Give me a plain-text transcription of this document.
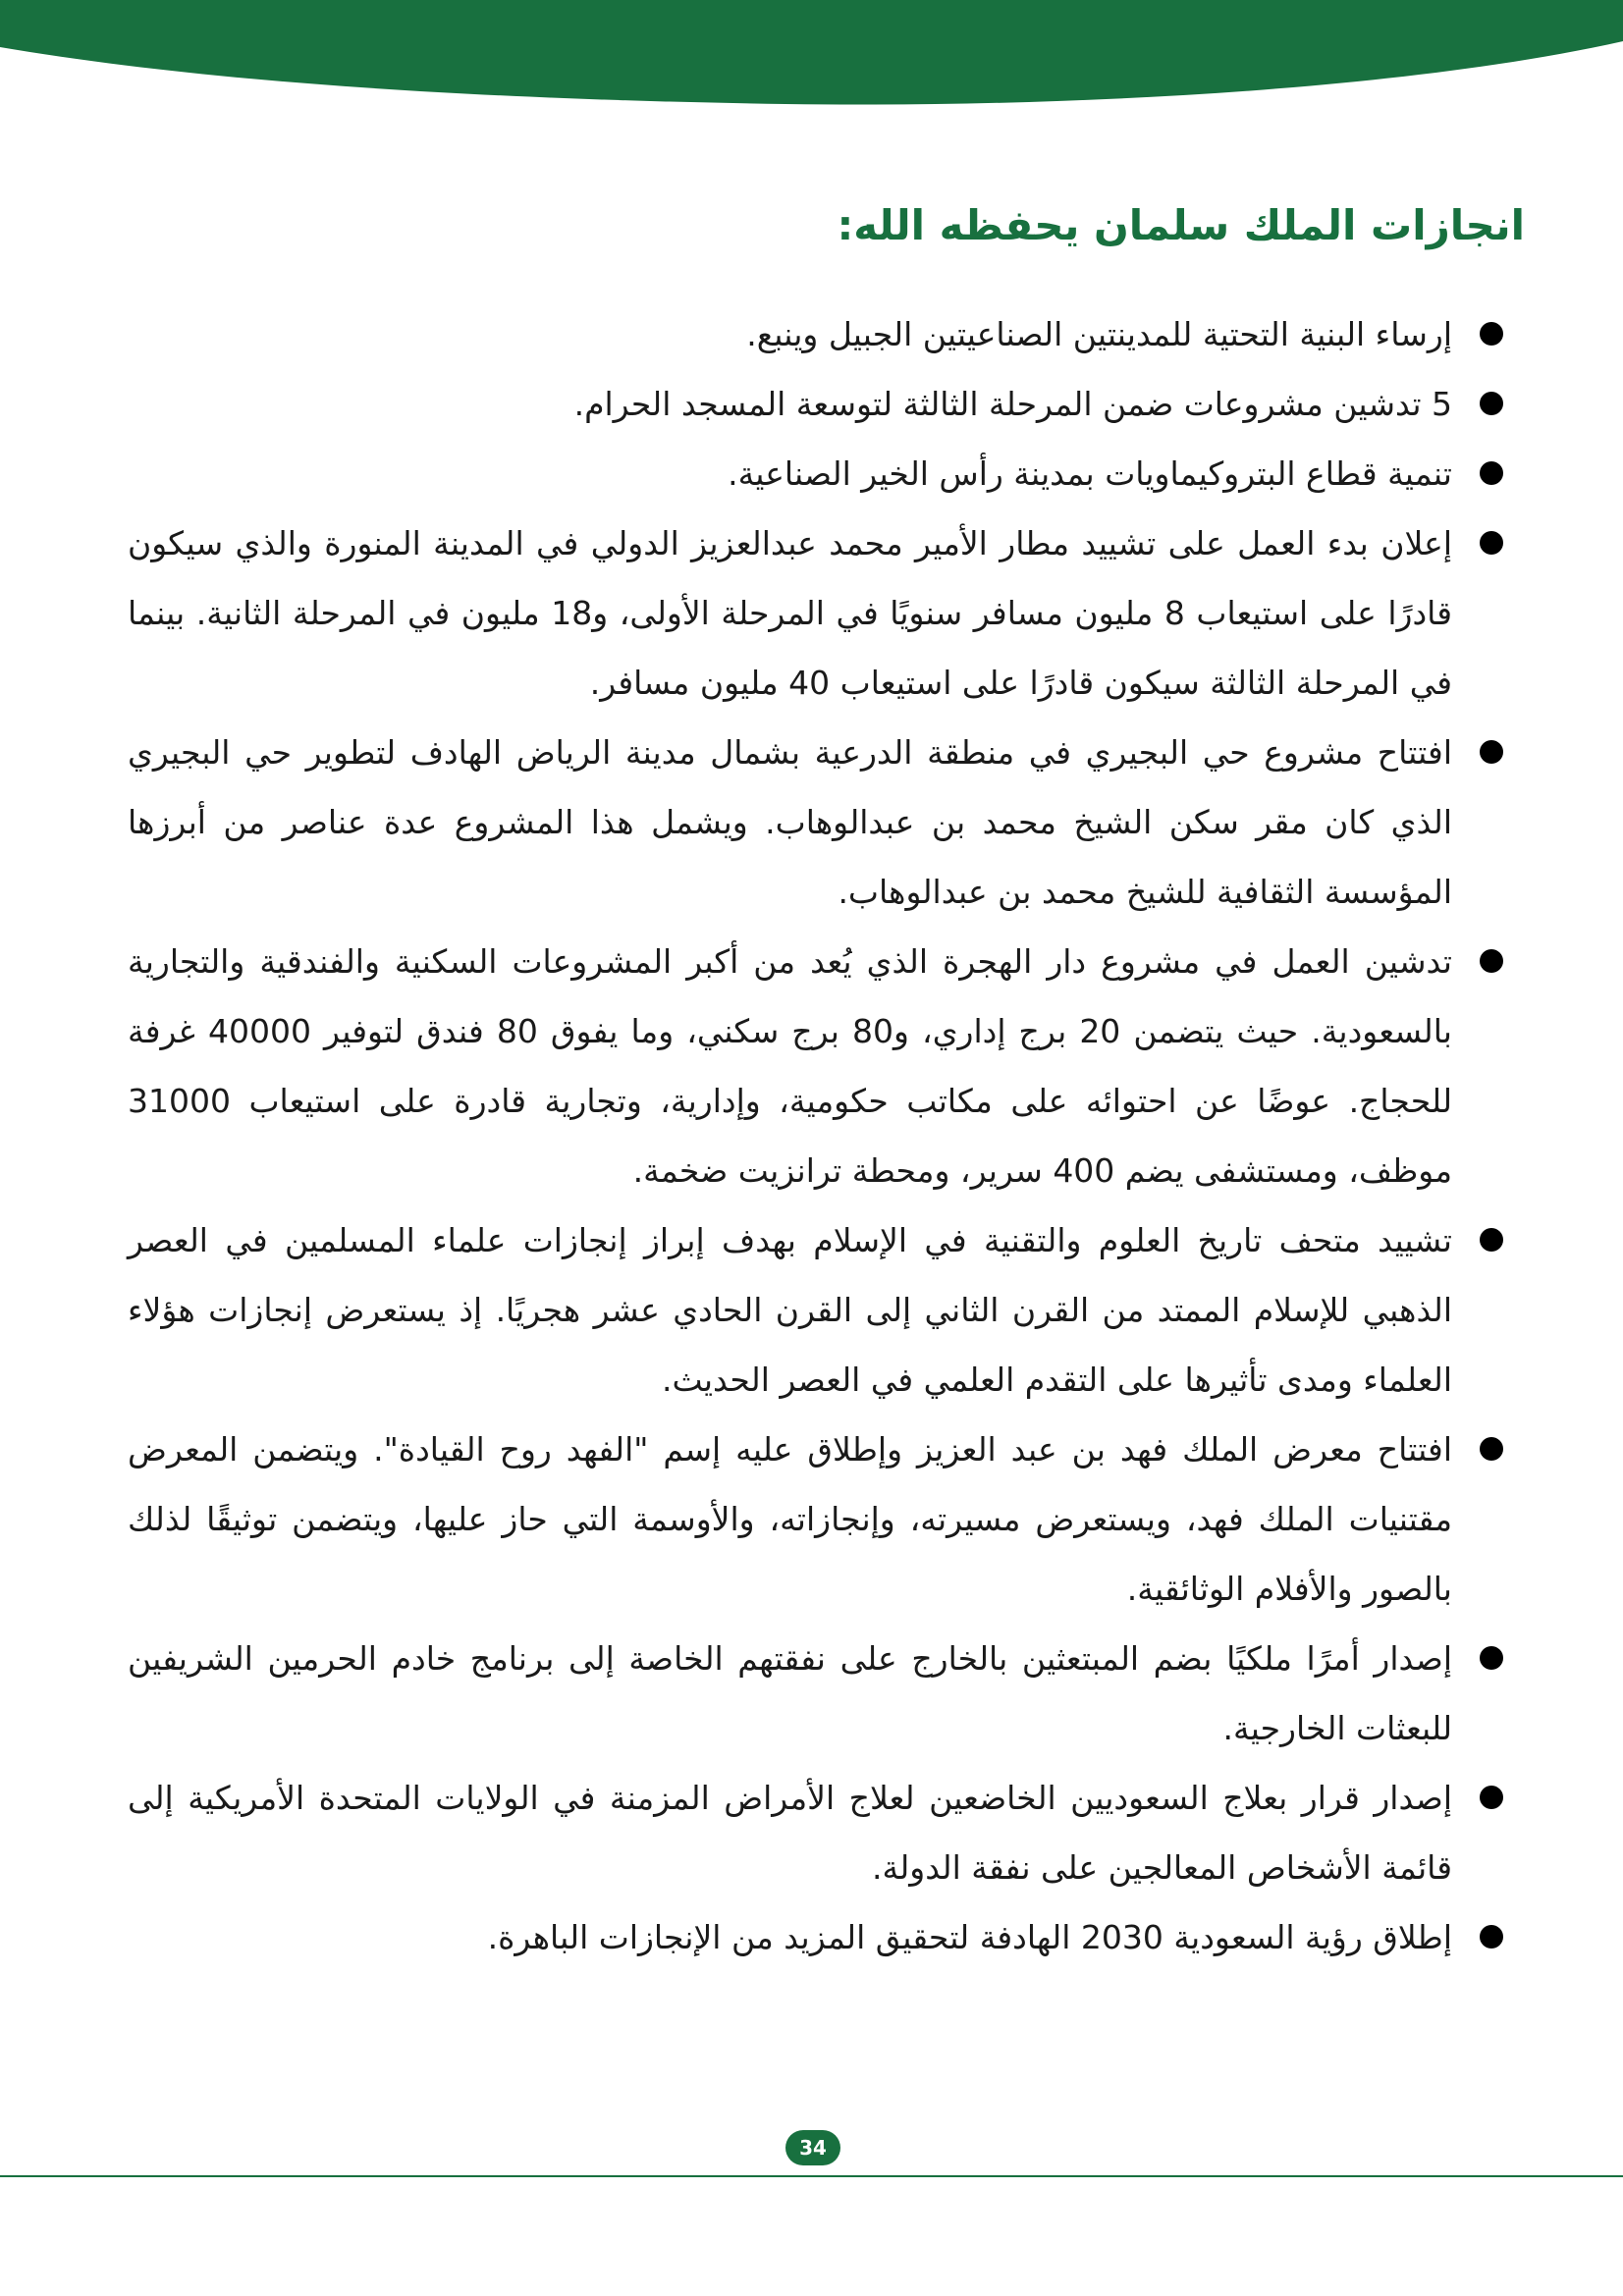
انجازات الملك سلمان يحفظه الله:
إرساء البنية التحتية للمدينتين الصناعيتين الجبيل وينبع.
5 تدشين مشروعات ضمن المرحلة الثالثة لتوسعة المسجد الحرام.
تنمية قطاع البتروكيماويات بمدينة رأس الخير الصناعية.
إعلان بدء العمل على تشييد مطار الأمير محمد عبدالعزيز الدولي في المدينة المنورة والذي سيكون قادرًا على استيعاب 8 مليون مسافر سنويًا في المرحلة الأولى، و18 مليون في المرحلة الثانية. بينما في المرحلة الثالثة سيكون قادرًا على استيعاب 40 مليون مسافر.
افتتاح مشروع حي البجيري في منطقة الدرعية بشمال مدينة الرياض الهادف لتطوير حي البجيري الذي كان مقر سكن الشيخ محمد بن عبدالوهاب. ويشمل هذا المشروع عدة عناصر من أبرزها المؤسسة الثقافية للشيخ محمد بن عبدالوهاب.
تدشين العمل في مشروع دار الهجرة الذي يُعد من أكبر المشروعات السكنية والفندقية والتجارية بالسعودية. حيث يتضمن 20 برج إداري، و80 برج سكني، وما يفوق 80 فندق لتوفير 40000 غرفة للحجاج. عوضًا عن احتوائه على مكاتب حكومية، وإدارية، وتجارية قادرة على استيعاب 31000 موظف، ومستشفى يضم 400 سرير، ومحطة ترانزيت ضخمة.
تشييد متحف تاريخ العلوم والتقنية في الإسلام بهدف إبراز إنجازات علماء المسلمين في العصر الذهبي للإسلام الممتد من القرن الثاني إلى القرن الحادي عشر هجريًا. إذ يستعرض إنجازات هؤلاء العلماء ومدى تأثيرها على التقدم العلمي في العصر الحديث.
افتتاح معرض الملك فهد بن عبد العزيز وإطلاق عليه إسم "الفهد روح القيادة". ويتضمن المعرض مقتنيات الملك فهد، ويستعرض مسيرته، وإنجازاته، والأوسمة التي حاز عليها، ويتضمن توثيقًا لذلك بالصور والأفلام الوثائقية.
إصدار أمرًا ملكيًا بضم المبتعثين بالخارج على نفقتهم الخاصة إلى برنامج خادم الحرمين الشريفين للبعثات الخارجية.
إصدار قرار بعلاج السعوديين الخاضعين لعلاج الأمراض المزمنة في الولايات المتحدة الأمريكية إلى قائمة الأشخاص المعالجين على نفقة الدولة.
إطلاق رؤية السعودية 2030 الهادفة لتحقيق المزيد من الإنجازات الباهرة.
34
